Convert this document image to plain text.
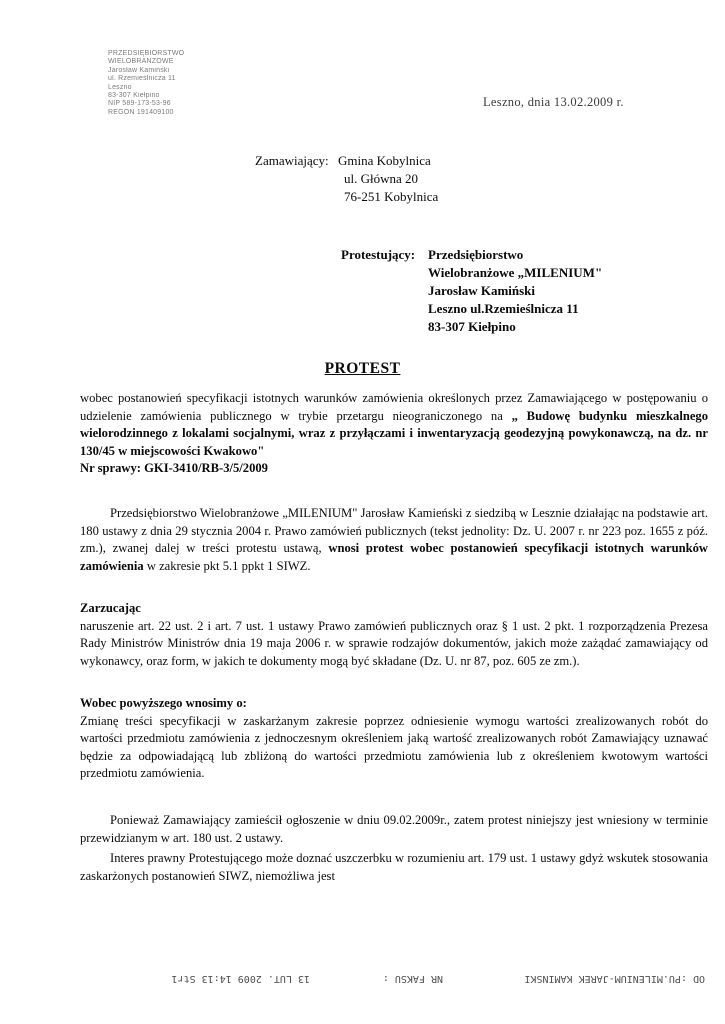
PRZEDSIĘBIORSTWO
WIELOBRANŻOWE
Jarosław Kamiński
ul. Rzemieślnicza 11
Leszno
83-307 Kiełpino
NIP 589-173-53-96
REGON 191409100
Leszno, dnia 13.02.2009 r.
Zamawiający: Gmina Kobylnica
ul. Główna 20
76-251 Kobylnica
Protestujący: Przedsiębiorstwo
Wielobranżowe „MILENIUM"
Jarosław Kamiński
Leszno ul.Rzemieślnicza 11
83-307 Kiełpino
PROTEST

wobec postanowień specyfikacji istotnych warunków zamówienia określonych przez Zamawiającego w postępowaniu o udzielenie zamówienia publicznego w trybie przetargu nieograniczonego na „ Budowę budynku mieszkalnego wielorodzinnego z lokalami socjalnymi, wraz z przyłączami i inwentaryzacją geodezyjną powykonawczą, na dz. nr 130/45 w miejscowości Kwakowo"

Nr sprawy: GKI-3410/RB-3/5/2009

Przedsiębiorstwo Wielobranżowe „MILENIUM" Jarosław Kamieński z siedzibą w Lesznie działając na podstawie art. 180 ustawy z dnia 29 stycznia 2004 r. Prawo zamówień publicznych (tekst jednolity: Dz. U. 2007 r. nr 223 poz. 1655 z póź. zm.), zwanej dalej w treści protestu ustawą, wnosi protest wobec postanowień specyfikacji istotnych warunków zamówienia w zakresie pkt 5.1 ppkt 1 SIWZ.

Zarzucając

naruszenie art. 22 ust. 2 i art. 7 ust. 1 ustawy Prawo zamówień publicznych oraz § 1 ust. 2 pkt. 1 rozporządzenia Prezesa Rady Ministrów Ministrów dnia 19 maja 2006 r. w sprawie rodzajów dokumentów, jakich może zażądać zamawiający od wykonawcy, oraz form, w jakich te dokumenty mogą być składane (Dz. U. nr 87, poz. 605 ze zm.).

Wobec powyższego wnosimy o:

Zmianę treści specyfikacji w zaskarżanym zakresie poprzez odniesienie wymogu wartości zrealizowanych robót do wartości przedmiotu zamówienia z jednoczesnym określeniem jaką wartość zrealizowanych robót Zamawiający uznawać będzie za odpowiadającą lub zbliżoną do wartości przedmiotu zamówienia lub z określeniem kwotowym wartości przedmiotu zamówienia.

Ponieważ Zamawiający zamieścił ogłoszenie w dniu 09.02.2009r., zatem protest niniejszy jest wniesiony w terminie przewidzianym w art. 180 ust. 2 ustawy.

Interes prawny Protestującego może doznać uszczerbku w rozumieniu art. 179 ust. 1 ustawy gdyż wskutek stosowania zaskarżonych postanowień SIWZ, niemożliwa jest

OD :PU.MILENIUM-JAREK KAMINSKI
NR FAKSU :
13 LUT. 2009 14:13 Str1
